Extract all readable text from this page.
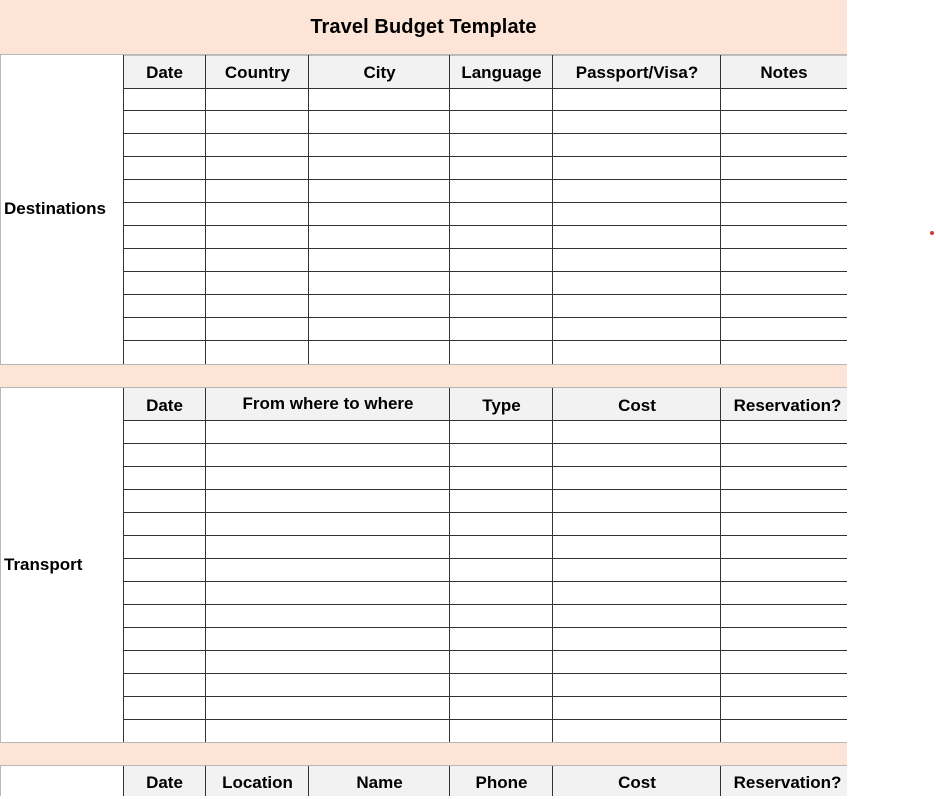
Travel Budget Template
Destinations
Date	Country	City	Language	Passport/Visa?	Notes
Transport
Date	From where to where	Type	Cost	Reservation?
Date	Location	Name	Phone	Cost	Reservation?
